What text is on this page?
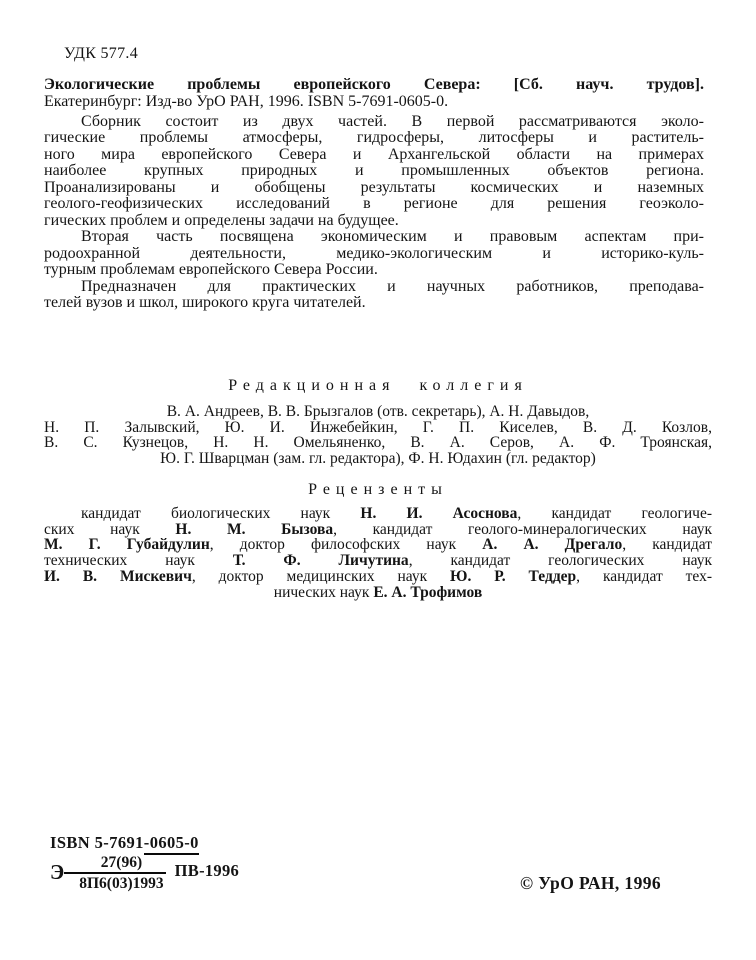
УДК 577.4
Экологические проблемы европейского Севера: [Сб. науч. трудов].
Екатеринбург: Изд-во УрО РАН, 1996. ISBN 5-7691-0605-0.
Сборник состоит из двух частей. В первой рассматриваются эколо-
гические проблемы атмосферы, гидросферы, литосферы и раститель-
ного мира европейского Севера и Архангельской области на примерах
наиболее крупных природных и промышленных объектов региона.
Проанализированы и обобщены результаты космических и наземных
геолого-геофизических исследований в регионе для решения геоэколо-
гических проблем и определены задачи на будущее.
Вторая часть посвящена экономическим и правовым аспектам при-
родоохранной деятельности, медико-экологическим и историко-куль-
турным проблемам европейского Севера России.
Предназначен для практических и научных работников, преподава-
телей вузов и школ, широкого круга читателей.
Редакционная коллегия
В. А. Андреев, В. В. Брызгалов (отв. секретарь), А. Н. Давыдов,
Н. П. Залывский, Ю. И. Инжебейкин, Г. П. Киселев, В. Д. Козлов,
В. С. Кузнецов, Н. Н. Омельяненко, В. А. Серов, А. Ф. Троянская,
Ю. Г. Шварцман (зам. гл. редактора), Ф. Н. Юдахин (гл. редактор)
Рецензенты
кандидат биологических наук Н. И. Асоснова, кандидат геологиче-
ских наук Н. М. Бызова, кандидат геолого-минералогических наук
М. Г. Губайдулин, доктор философских наук А. А. Дрегало, кандидат
технических наук Т. Ф. Личутина, кандидат геологических наук
И. В. Мискевич, доктор медицинских наук Ю. Р. Теддер, кандидат тех-
нических наук Е. А. Трофимов
ISBN 5-7691-0605-0
Э $\frac{27(96)}{8П6(03)1993} ПВ-1996$
© УрО РАН, 1996
